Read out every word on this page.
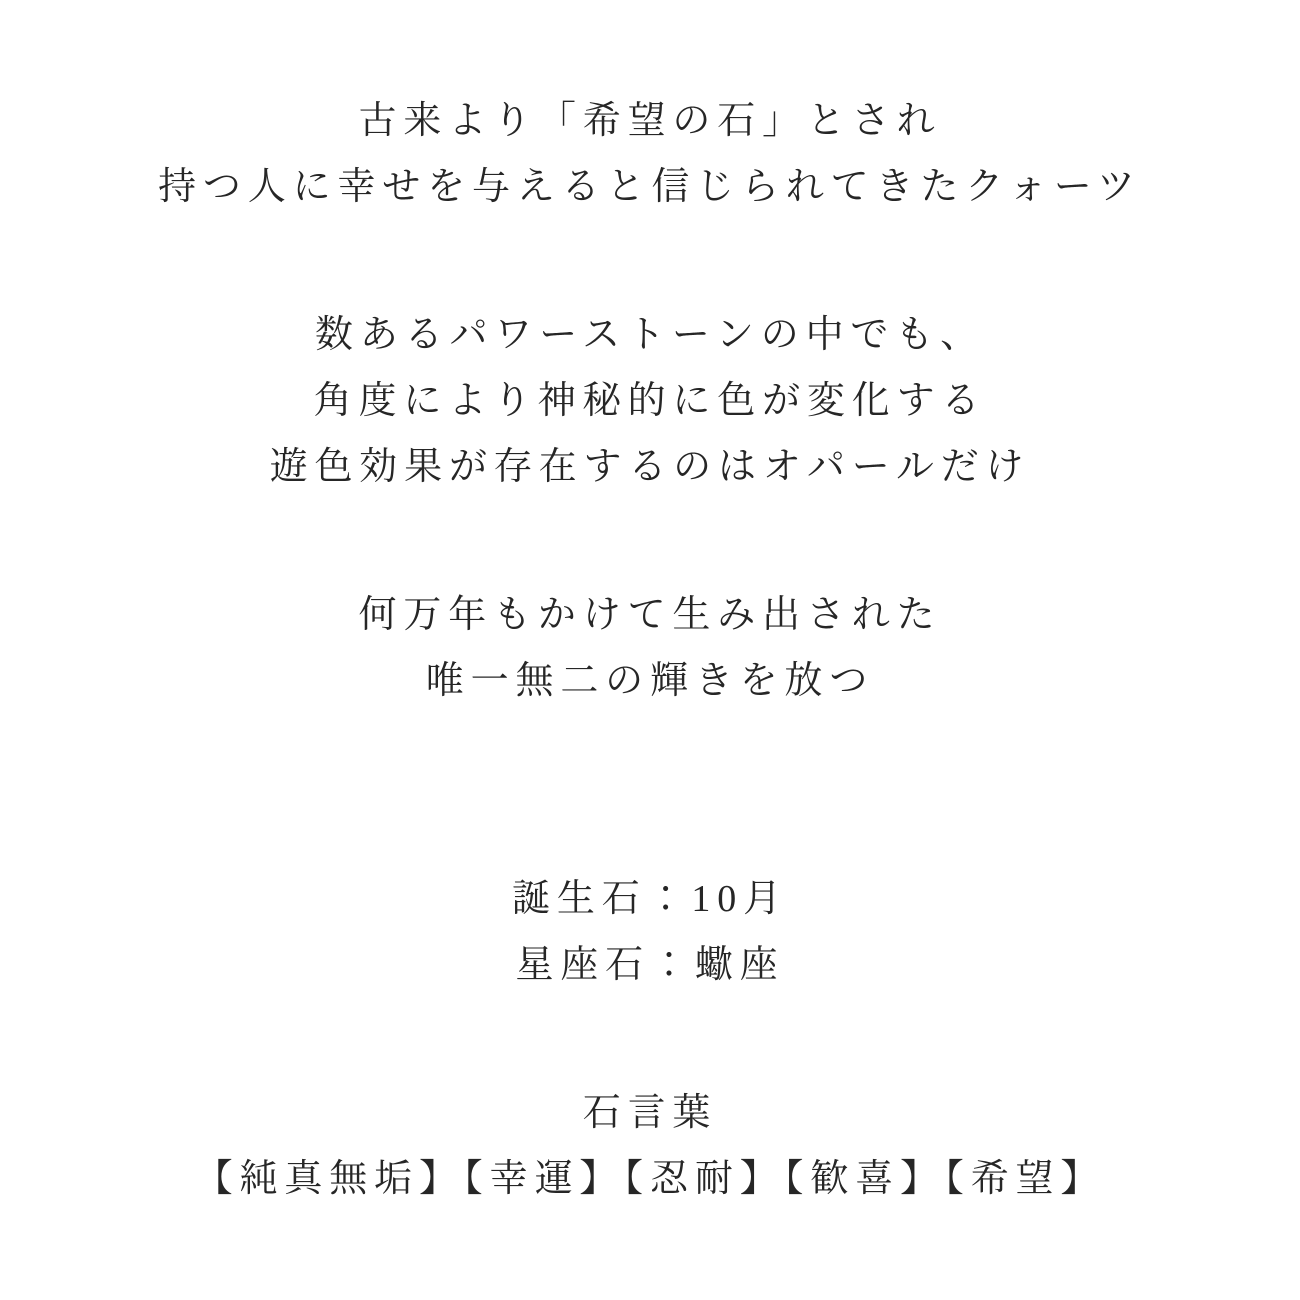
古来より「希望の石」とされ
持つ人に幸せを与えると信じられてきたクォーツ
数あるパワーストーンの中でも、
角度により神秘的に色が変化する
遊色効果が存在するのはオパールだけ
何万年もかけて生み出された
唯一無二の輝きを放つ
誕生石：10月
星座石：蠍座
石言葉
【純真無垢】【幸運】【忍耐】【歓喜】【希望】
